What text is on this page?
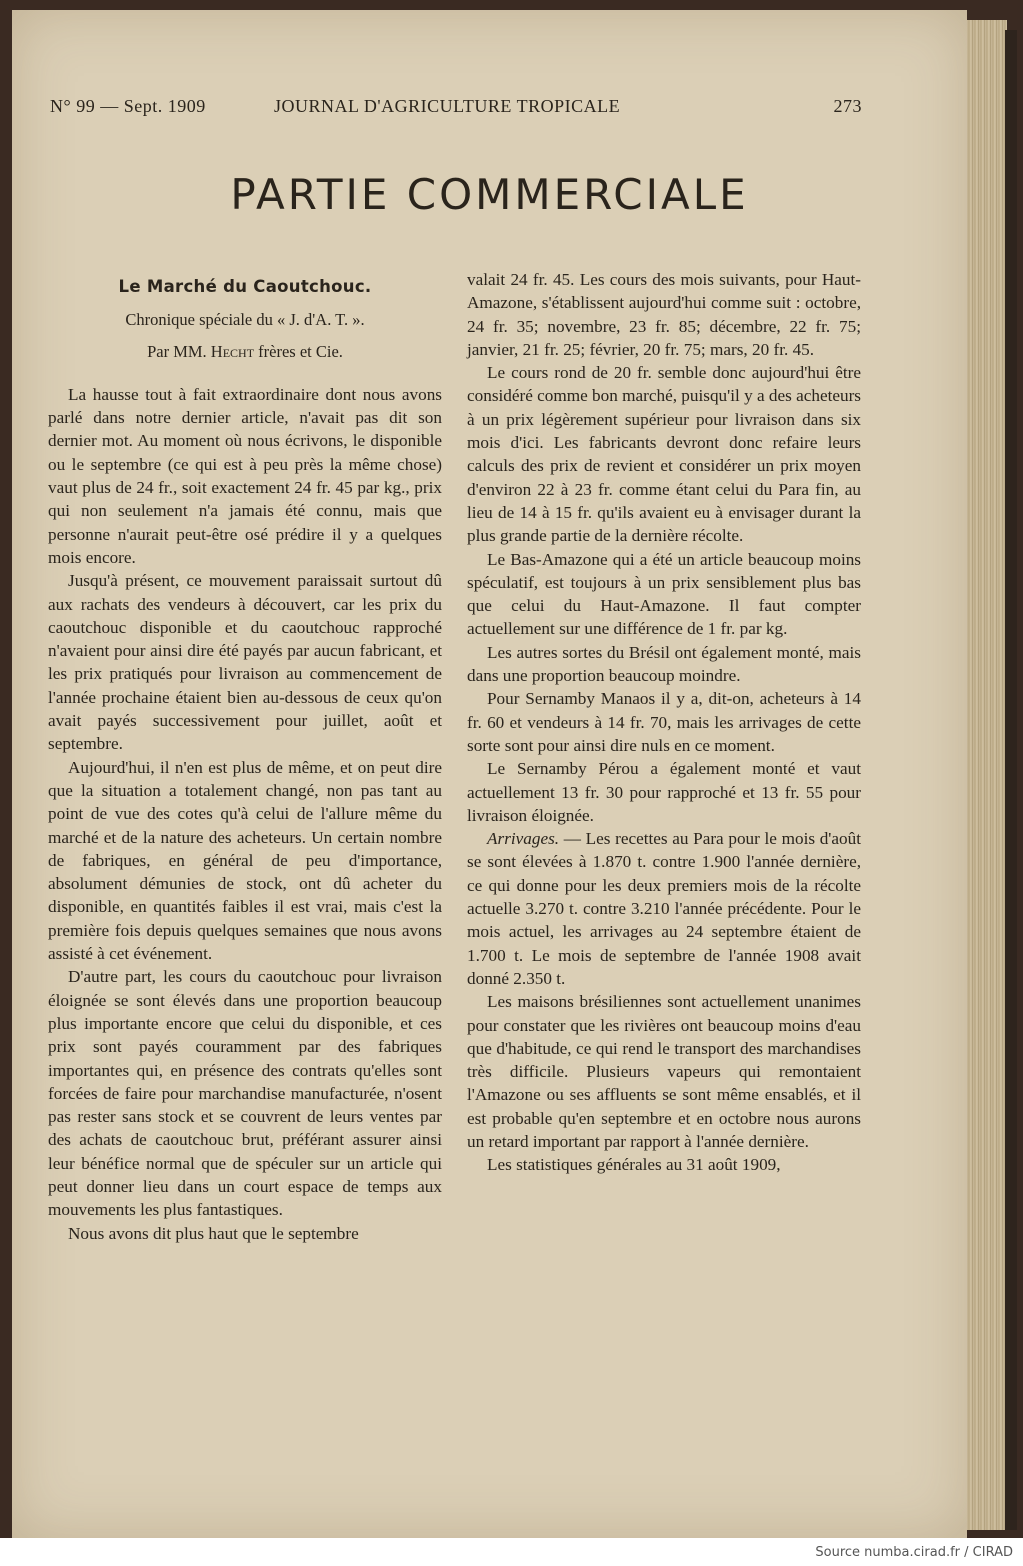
N° 99 — Sept. 1909	JOURNAL D'AGRICULTURE TROPICALE	273
PARTIE COMMERCIALE
Le Marché du Caoutchouc.
Chronique spéciale du « J. d'A. T. ».
Par MM. Hecht frères et Cie.

La hausse tout à fait extraordinaire dont nous avons parlé dans notre dernier article, n'avait pas dit son dernier mot. Au moment où nous écrivons, le disponible ou le septembre (ce qui est à peu près la même chose) vaut plus de 24 fr., soit exactement 24 fr. 45 par kg., prix qui non seulement n'a jamais été connu, mais que personne n'aurait peut-être osé prédire il y a quelques mois encore.

Jusqu'à présent, ce mouvement paraissait surtout dû aux rachats des vendeurs à découvert, car les prix du caoutchouc disponible et du caoutchouc rapproché n'avaient pour ainsi dire été payés par aucun fabricant, et les prix pratiqués pour livraison au commencement de l'année prochaine étaient bien au-dessous de ceux qu'on avait payés successivement pour juillet, août et septembre.

Aujourd'hui, il n'en est plus de même, et on peut dire que la situation a totalement changé, non pas tant au point de vue des cotes qu'à celui de l'allure même du marché et de la nature des acheteurs. Un certain nombre de fabriques, en général de peu d'importance, absolument démunies de stock, ont dû acheter du disponible, en quantités faibles il est vrai, mais c'est la première fois depuis quelques semaines que nous avons assisté à cet événement.

D'autre part, les cours du caoutchouc pour livraison éloignée se sont élevés dans une proportion beaucoup plus importante encore que celui du disponible, et ces prix sont payés couramment par des fabriques importantes qui, en présence des contrats qu'elles sont forcées de faire pour marchandise manufacturée, n'osent pas rester sans stock et se couvrent de leurs ventes par des achats de caoutchouc brut, préférant assurer ainsi leur bénéfice normal que de spéculer sur un article qui peut donner lieu dans un court espace de temps aux mouvements les plus fantastiques.

Nous avons dit plus haut que le septembre

valait 24 fr. 45. Les cours des mois suivants, pour Haut-Amazone, s'établissent aujourd'hui comme suit : octobre, 24 fr. 35; novembre, 23 fr. 85; décembre, 22 fr. 75; janvier, 21 fr. 25; février, 20 fr. 75; mars, 20 fr. 45.

Le cours rond de 20 fr. semble donc aujourd'hui être considéré comme bon marché, puisqu'il y a des acheteurs à un prix légèrement supérieur pour livraison dans six mois d'ici. Les fabricants devront donc refaire leurs calculs des prix de revient et considérer un prix moyen d'environ 22 à 23 fr. comme étant celui du Para fin, au lieu de 14 à 15 fr. qu'ils avaient eu à envisager durant la plus grande partie de la dernière récolte.

Le Bas-Amazone qui a été un article beaucoup moins spéculatif, est toujours à un prix sensiblement plus bas que celui du Haut-Amazone. Il faut compter actuellement sur une différence de 1 fr. par kg.

Les autres sortes du Brésil ont également monté, mais dans une proportion beaucoup moindre.

Pour Sernamby Manaos il y a, dit-on, acheteurs à 14 fr. 60 et vendeurs à 14 fr. 70, mais les arrivages de cette sorte sont pour ainsi dire nuls en ce moment.

Le Sernamby Pérou a également monté et vaut actuellement 13 fr. 30 pour rapproché et 13 fr. 55 pour livraison éloignée.

Arrivages. — Les recettes au Para pour le mois d'août se sont élevées à 1.870 t. contre 1.900 l'année dernière, ce qui donne pour les deux premiers mois de la récolte actuelle 3.270 t. contre 3.210 l'année précédente. Pour le mois actuel, les arrivages au 24 septembre étaient de 1.700 t. Le mois de septembre de l'année 1908 avait donné 2.350 t.

Les maisons brésiliennes sont actuellement unanimes pour constater que les rivières ont beaucoup moins d'eau que d'habitude, ce qui rend le transport des marchandises très difficile. Plusieurs vapeurs qui remontaient l'Amazone ou ses affluents se sont même ensablés, et il est probable qu'en septembre et en octobre nous aurons un retard important par rapport à l'année dernière.

Les statistiques générales au 31 août 1909,

Source numba.cirad.fr / CIRAD
